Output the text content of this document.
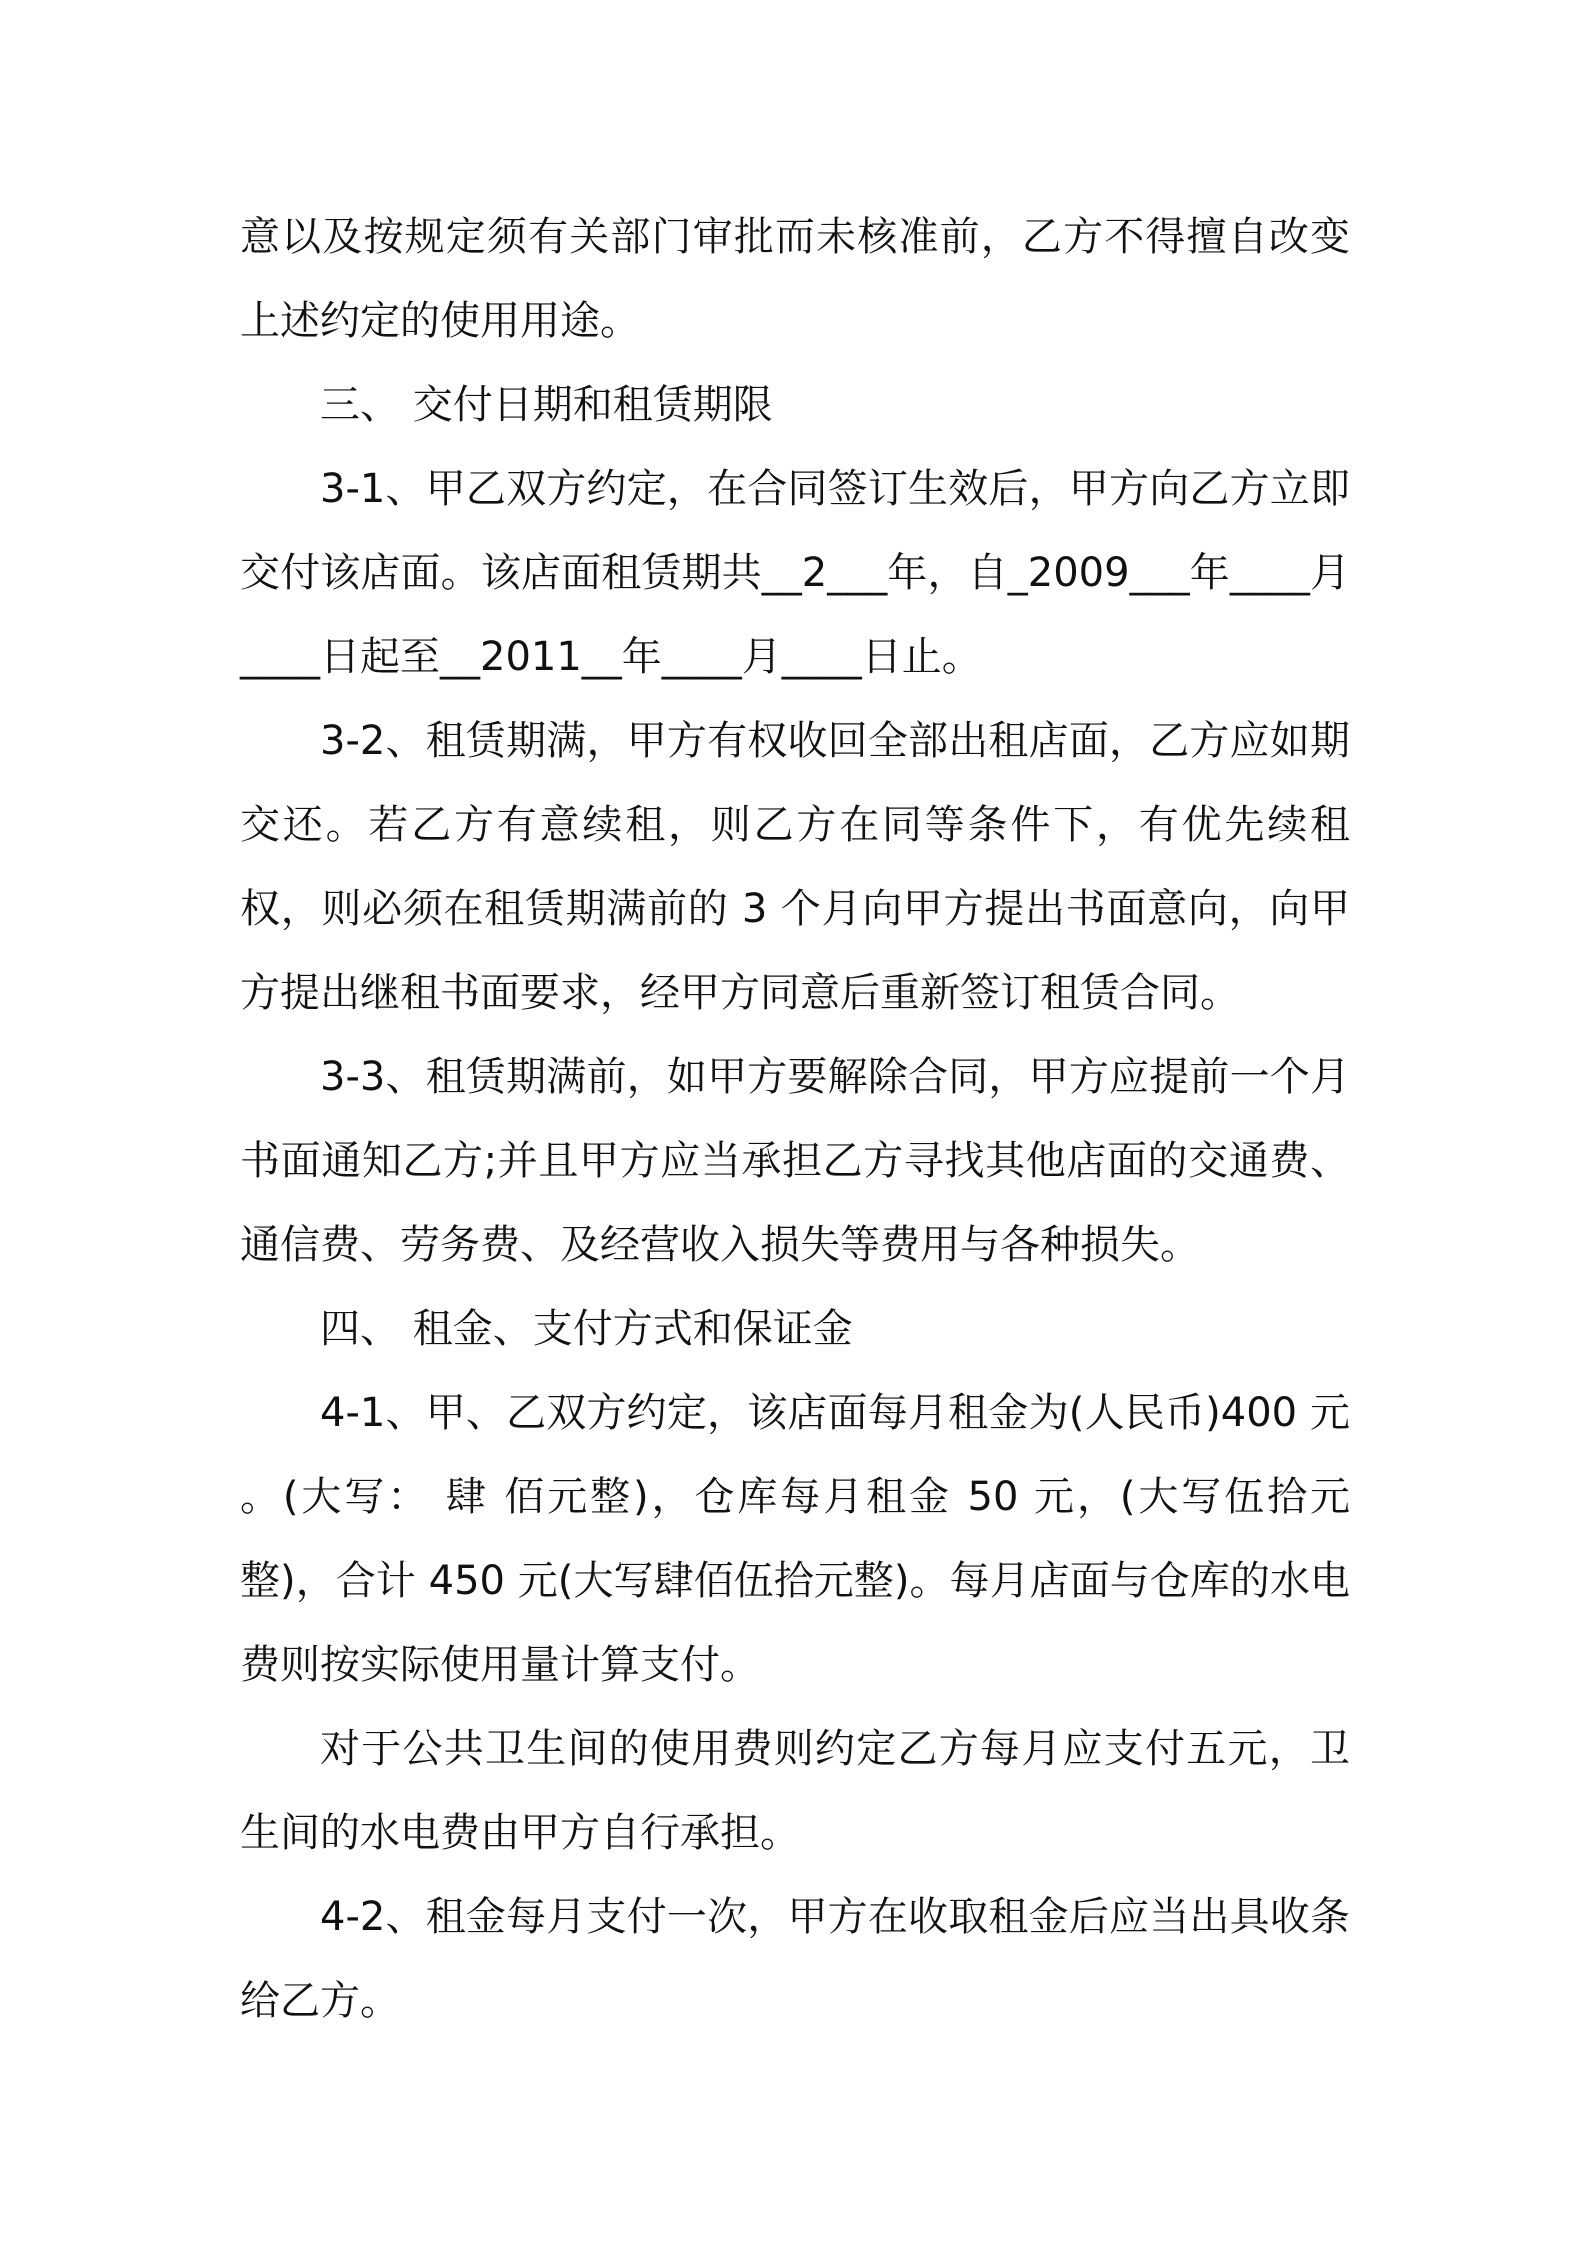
意以及按规定须有关部门审批而未核准前，乙方不得擅自改变上述约定的使用用途。

三、 交付日期和租赁期限

3-1、甲乙双方约定，在合同签订生效后，甲方向乙方立即交付该店面。该店面租赁期共__2___年，自_2009___年____月____日起至__2011__年____月____日止。

3-2、租赁期满，甲方有权收回全部出租店面，乙方应如期交还。若乙方有意续租，则乙方在同等条件下，有优先续租权，则必须在租赁期满前的 3 个月向甲方提出书面意向，向甲方提出继租书面要求，经甲方同意后重新签订租赁合同。

3-3、租赁期满前，如甲方要解除合同，甲方应提前一个月书面通知乙方;并且甲方应当承担乙方寻找其他店面的交通费、通信费、劳务费、及经营收入损失等费用与各种损失。

四、 租金、支付方式和保证金

4-1、甲、乙双方约定，该店面每月租金为(人民币)400 元 。(大写： 肆 佰元整)，仓库每月租金 50 元，(大写伍拾元整)，合计 450 元(大写肆佰伍拾元整)。每月店面与仓库的水电费则按实际使用量计算支付。

对于公共卫生间的使用费则约定乙方每月应支付五元，卫生间的水电费由甲方自行承担。

4-2、租金每月支付一次，甲方在收取租金后应当出具收条给乙方。
